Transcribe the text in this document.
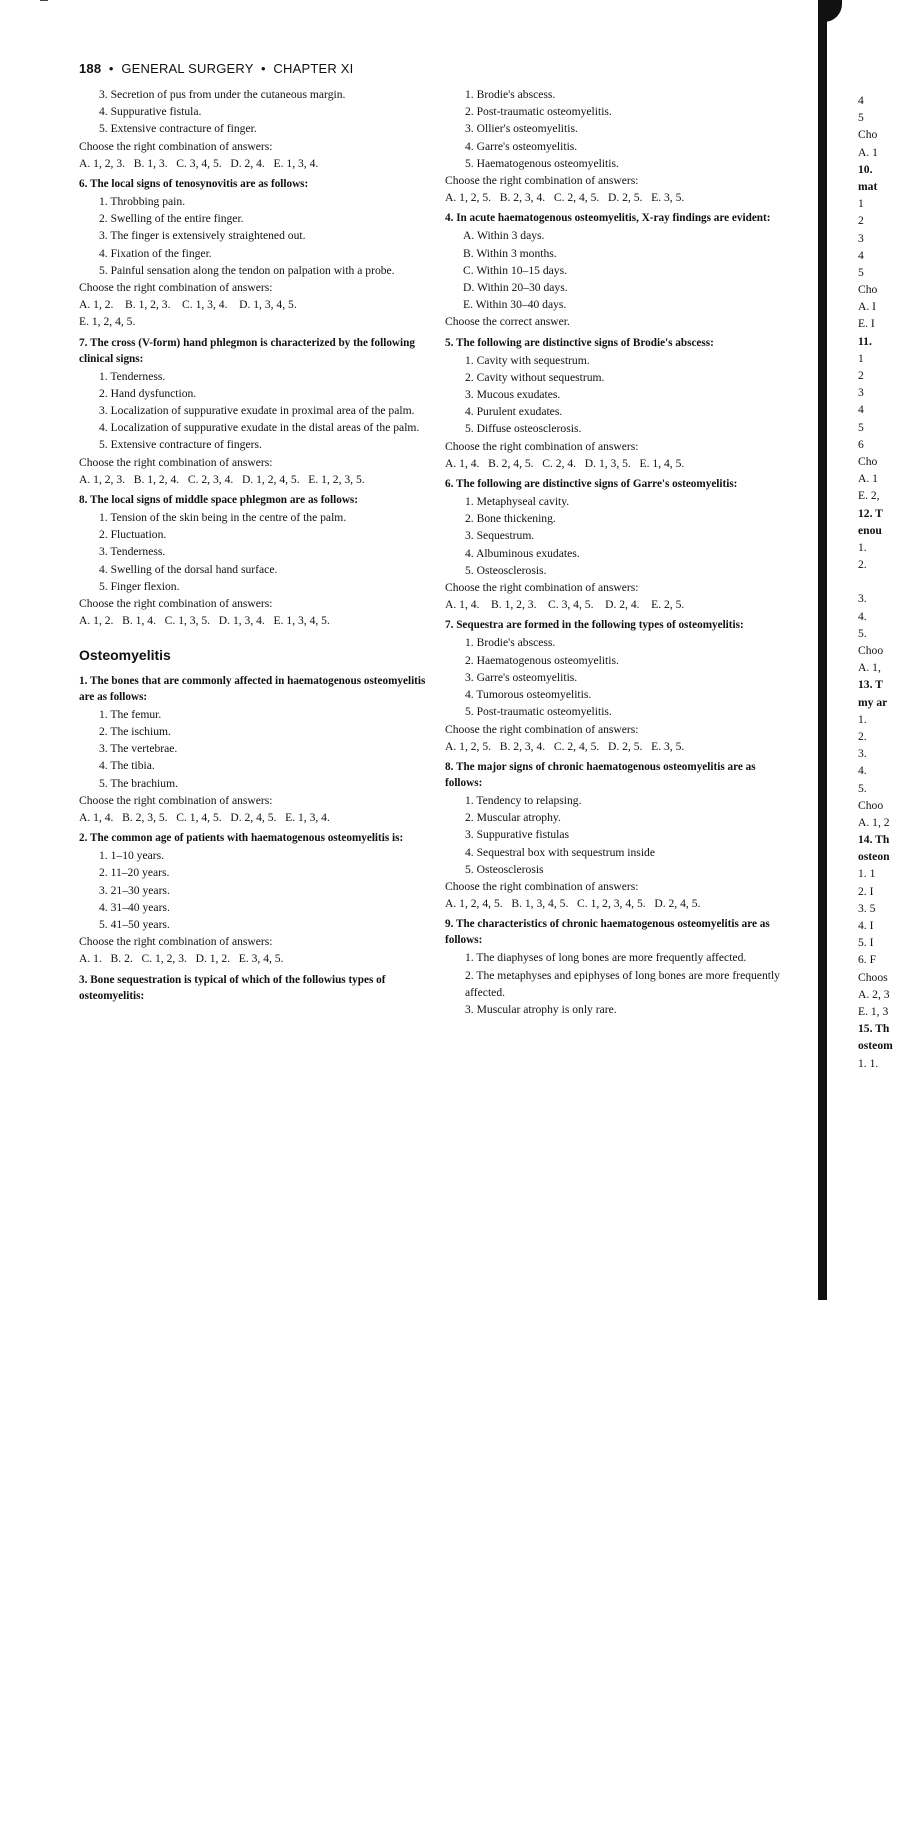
188 • GENERAL SURGERY • CHAPTER XI
3. Secretion of pus from under the cutaneous margin.
4. Suppurative fistula.
5. Extensive contracture of finger.
Choose the right combination of answers:
A. 1, 2, 3.   B. 1, 3.   C. 3, 4, 5.   D. 2, 4.   E. 1, 3, 4.
6. The local signs of tenosynovitis are as follows:
1. Throbbing pain.
2. Swelling of the entire finger.
3. The finger is extensively straightened out.
4. Fixation of the finger.
5. Painful sensation along the tendon on palpation with a probe.
Choose the right combination of answers:
A. 1, 2.    B. 1, 2, 3.    C. 1, 3, 4.    D. 1, 3, 4, 5.
E. 1, 2, 4, 5.
7. The cross (V-form) hand phlegmon is characterized by the following clinical signs:
1. Tenderness.
2. Hand dysfunction.
3. Localization of suppurative exudate in proximal area of the palm.
4. Localization of suppurative exudate in the distal areas of the palm.
5. Extensive contracture of fingers.
Choose the right combination of answers:
A. 1, 2, 3.   B. 1, 2, 4.   C. 2, 3, 4.   D. 1, 2, 4, 5.   E. 1, 2, 3, 5.
8. The local signs of middle space phlegmon are as follows:
1. Tension of the skin being in the centre of the palm.
2. Fluctuation.
3. Tenderness.
4. Swelling of the dorsal hand surface.
5. Finger flexion.
Choose the right combination of answers:
A. 1, 2.   B. 1, 4.   C. 1, 3, 5.   D. 1, 3, 4.   E. 1, 3, 4, 5.
Osteomyelitis
1. The bones that are commonly affected in haematogenous osteomyelitis are as follows:
1. The femur.
2. The ischium.
3. The vertebrae.
4. The tibia.
5. The brachium.
Choose the right combination of answers:
A. 1, 4.   B. 2, 3, 5.   C. 1, 4, 5.   D. 2, 4, 5.   E. 1, 3, 4.
2. The common age of patients with haematogenous osteomyelitis is:
1. 1–10 years.
2. 11–20 years.
3. 21–30 years.
4. 31–40 years.
5. 41–50 years.
Choose the right combination of answers:
A. 1.   B. 2.   C. 1, 2, 3.   D. 1, 2.   E. 3, 4, 5.
3. Bone sequestration is typical of which of the followius types of osteomyelitis:
1. Brodie's abscess.
2. Post-traumatic osteomyelitis.
3. Ollier's osteomyelitis.
4. Garre's osteomyelitis.
5. Haematogenous osteomyelitis.
Choose the right combination of answers:
A. 1, 2, 5.   B. 2, 3, 4.   C. 2, 4, 5.   D. 2, 5.   E. 3, 5.
4. In acute haematogenous osteomyelitis, X-ray findings are evident:
A. Within 3 days.
B. Within 3 months.
C. Within 10–15 days.
D. Within 20–30 days.
E. Within 30–40 days.
Choose the correct answer.
5. The following are distinctive signs of Brodie's abscess:
1. Cavity with sequestrum.
2. Cavity without sequestrum.
3. Mucous exudates.
4. Purulent exudates.
5. Diffuse osteosclerosis.
Choose the right combination of answers:
A. 1, 4.   B. 2, 4, 5.   C. 2, 4.   D. 1, 3, 5.   E. 1, 4, 5.
6. The following are distinctive signs of Garre's osteomyelitis:
1. Metaphyseal cavity.
2. Bone thickening.
3. Sequestrum.
4. Albuminous exudates.
5. Osteosclerosis.
Choose the right combination of answers:
A. 1, 4.    B. 1, 2, 3.    C. 3, 4, 5.    D. 2, 4.    E. 2, 5.
7. Sequestra are formed in the following types of osteomyelitis:
1. Brodie's abscess.
2. Haematogenous osteomyelitis.
3. Garre's osteomyelitis.
4. Tumorous osteomyelitis.
5. Post-traumatic osteomyelitis.
Choose the right combination of answers:
A. 1, 2, 5.   B. 2, 3, 4.   C. 2, 4, 5.   D. 2, 5.   E. 3, 5.
8. The major signs of chronic haematogenous osteomyelitis are as follows:
1. Tendency to relapsing.
2. Muscular atrophy.
3. Suppurative fistulas
4. Sequestral box with sequestrum inside
5. Osteosclerosis
Choose the right combination of answers:
A. 1, 2, 4, 5.   B. 1, 3, 4, 5.   C. 1, 2, 3, 4, 5.   D. 2, 4, 5.
9. The characteristics of chronic haematogenous osteomyelitis are as follows:
1. The diaphyses of long bones are more frequently affected.
2. The metaphyses and epiphyses of long bones are more frequently affected.
3. Muscular atrophy is only rare.
4
5
Cho
A. 1
10.
mat
1
2
3
4
5
Cho
A. I
E. I
11.
1
2
3
4
5
6
Cho
A. 1
E. 2,
12. T
enou
1.
2.
3.
4.
5.
Choo
A. 1,
13. T
my ar
1.
2.
3.
4.
5.
Choo
A. 1, 2
14. Th
osteon
1. 1
2. I
3. 5
4. I
5. I
6. F
Choos
A. 2, 3
E. 1, 3
15. Th
osteom
1. 1.
